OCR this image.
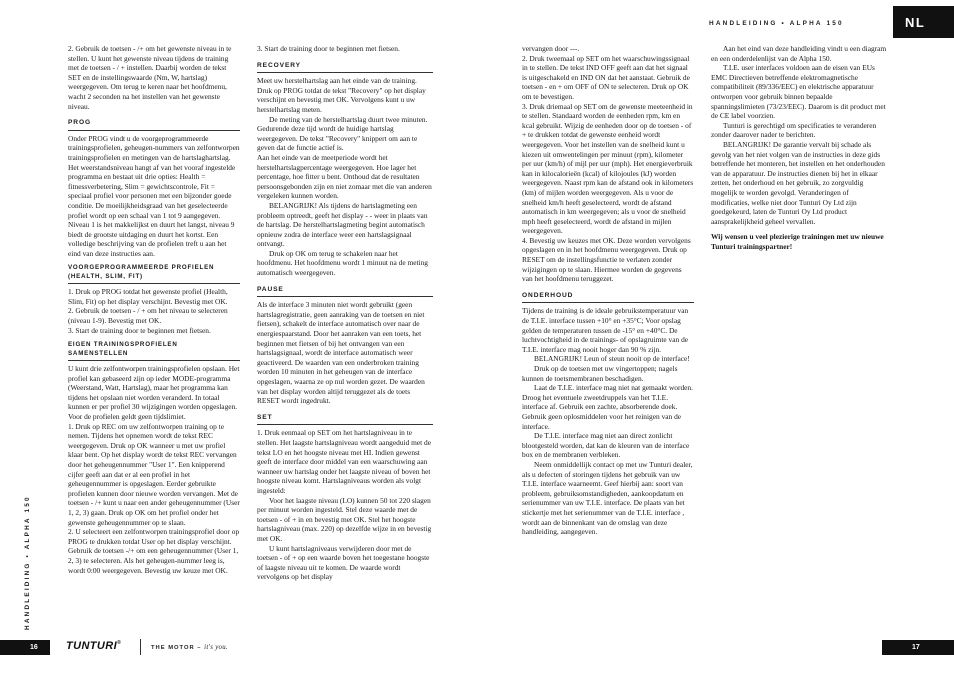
HANDLEIDING • ALPHA 150	NL
HANDLEIDING • ALPHA 150

2. Gebruik de toetsen - /+ om het gewenste niveau in te stellen. U kunt het gewenste niveau tijdens de training met de toetsen - / + instellen. Daarbij worden de tekst SET en de instellingswaarde (Nm, W, hartslag) weergegeven. Om terug te keren naar het hoofdmenu, wacht 2 seconden na het instellen van het gewenste niveau.

PROG

Onder PROG vindt u de voorgeprogrammeerde trainingsprofielen, geheugen-nummers van zelfontworpen trainingsprofielen en metingen van de hartslaghartslag. Het weerstandsniveau hangt af van het vooraf ingestelde programma en bestaat uit drie opties: Health = fitnessverbetering, Slim = gewichtscontrole, Fit = speciaal profiel voor personen met een bijzonder goede conditie. De moeilijkheidsgraad van het geselecteerde profiel wordt op een schaal van 1 tot 9 aangegeven. Niveau 1 is het makkelijkst en duurt het langst, niveau 9 biedt de grootste uitdaging en duurt het kortst. Een volledige beschrijving van de profielen treft u aan het eind van deze instructies aan.

VOORGEPROGRAMMEERDE PROFIELEN (HEALTH, SLIM, FIT)

1. Druk op PROG totdat het gewenste profiel (Health, Slim, Fit) op het display verschijnt. Bevestig met OK.

2. Gebruik de toetsen - / + om het niveau te selecteren (niveau 1-9). Bevestig met OK.

3. Start de training door te beginnen met fietsen.

EIGEN TRAININGSPROFIELEN SAMENSTELLEN

U kunt drie zelfontworpen trainingsprofielen opslaan. Het profiel kan gebaseerd zijn op ieder MODE-programma (Weerstand, Watt, Hartslag), maar het programma kan tijdens het opslaan niet worden veranderd. In totaal kunnen er per profiel 30 wijzigingen worden opgeslagen. Voor de profielen geldt geen tijdslimiet.

1. Druk op REC om uw zelfontworpen training op te nemen. Tijdens het opnemen wordt de tekst REC weergegeven. Druk op OK wanneer u met uw profiel klaar bent. Op het display wordt de tekst REC vervangen door het geheugennummer "User 1". Een knipperend cijfer geeft aan dat er al een profiel in het geheugennummer is opgeslagen. Eerder gebruikte profielen kunnen door nieuwe worden vervangen. Met de toetsen - /+ kunt u naar een ander geheugennummer (User 1, 2, 3) gaan. Druk op OK om het profiel onder het gewenste geheugennummer op te slaan.

2. U selecteert een zelfontworpen trainingsprofiel door op PROG te drukken totdat User op het display verschijnt. Gebruik de toetsen -/+ om een geheugennummer (User 1, 2, 3) te selecteren. Als het geheugen-nummer leeg is, wordt 0:00 weergegeven. Bevestig uw keuze met OK.

3. Start de training door te beginnen met fietsen.

RECOVERY

Meet uw herstelhartslag aan het einde van de training. Druk op PROG totdat de tekst "Recovery" op het display verschijnt en bevestig met OK. Vervolgens kunt u uw herstelhartslag meten.

De meting van de herstelhartslag duurt twee minuten. Gedurende deze tijd wordt de huidige hartslag weergegeven. De tekst "Recovery" knippert om aan te geven dat de functie actief is.

Aan het einde van de meetperiode wordt het herstelhartslagpercentage weergegeven. Hoe lager het percentage, hoe fitter u bent. Onthoud dat de resultaten persoonsgebonden zijn en niet zomaar met die van anderen vergeleken kunnen worden.

BELANGRIJK! Als tijdens de hartslagmeting een probleem optreedt, geeft het display - - weer in plaats van de hartslag. De herstelhartslagmeting begint automatisch opnieuw zodra de interface weer een hartslagsignaal ontvangt.

Druk op OK om terug te schakelen naar het hoofdmenu. Het hoofdmenu wordt 1 minuut na de meting automatisch weergegeven.

PAUSE

Als de interface 3 minuten niet wordt gebruikt (geen hartslagregistratie, geen aanraking van de toetsen en niet fietsen), schakelt de interface automatisch over naar de energiespaarstand. Door het aanraken van een toets, het beginnen met fietsen of bij het ontvangen van een hartslagsignaal, wordt de interface automatisch weer geactiveerd. De waarden van een onderbroken training worden 10 minuten in het geheugen van de interface opgeslagen, waarna ze op nul worden gezet. De waarden van het display worden altijd teruggezet als de toets RESET wordt ingedrukt.

SET

1. Druk eenmaal op SET om het hartslagniveau in te stellen. Het laagste hartslagniveau wordt aangeduid met de tekst LO en het hoogste niveau met HI. Indien gewenst geeft de interface door middel van een waarschuwing aan wanneer uw hartslag onder het laagste niveau of boven het hoogste niveau komt. Hartslagniveaus worden als volgt ingesteld:

Voor het laagste niveau (LO) kunnen 50 tot 220 slagen per minuut worden ingesteld. Stel deze waarde met de toetsen - of + in en bevestig met OK. Stel het hoogste hartslagniveau (max. 220) op dezelfde wijze in en bevestig met OK.

U kunt hartslagniveaus verwijderen door met de toetsen - of + op een waarde boven het toegestane hoogste of laagste niveau uit te komen. De waarde wordt vervolgens op het display

vervangen door ---.

2. Druk tweemaal op SET om het waarschuwingssignaal in te stellen. De tekst IND OFF geeft aan dat het signaal is uitgeschakeld en IND ON dat het aanstaat. Gebruik de toetsen - en + om OFF of ON te selecteren. Druk op OK om te bevestigen.

3. Druk driemaal op SET om de gewenste meeteenheid in te stellen. Standaard worden de eenheden rpm, km en kcal gebruikt. Wijzig de eenheden door op de toetsen - of + te drukken totdat de gewenste eenheid wordt weergegeven. Voor het instellen van de snelheid kunt u kiezen uit omwentelingen per minuut (rpm), kilometer per uur (km/h) of mijl per uur (mph). Het energieverbruik kan in kilocalorieën (kcal) of kilojoules (kJ) worden weergegeven. Naast rpm kan de afstand ook in kilometers (km) of mijlen worden weergegeven. Als u voor de snelheid km/h heeft geselecteerd, wordt de afstand automatisch in km weergegeven; als u voor de snelheid mph heeft geselecteerd, wordt de afstand in mijlen weergegeven.

4. Bevestig uw keuzes met OK. Deze worden vervolgens opgeslagen en in het hoofdmenu weergegeven. Druk op RESET om de instellingsfunctie te verlaten zonder wijzigingen op te slaan. Hiermee worden de gegevens van het hoofdmenu teruggezet.

ONDERHOUD

Tijdens de training is de ideale gebruikstemperatuur van de T.I.E. interface tussen +10° en +35°C; Voor opslag gelden de temperaturen tussen de -15° en +40°C. De luchtvochtigheid in de trainings- of opslagruimte van de T.I.E. interface mag nooit hoger dan 90 % zijn.

BELANGRIJK! Leun of steun nooit op de interface!

Druk op de toetsen met uw vingertoppen; nagels kunnen de toetsmembranen beschadigen.

Laat de T.I.E. interface mag niet nat gemaakt worden. Droog het eventuele zweetdruppels van het T.I.E. interface af. Gebruik een zachte, absorberende doek. Gebruik geen oplosmiddelen voor het reinigen van de interface.

De T.I.E. interface mag niet aan direct zonlicht blootgesteld worden, dat kan de kleuren van de interface box en de membranen verbleken.

Neem onmiddellijk contact op met uw Tunturi dealer, als u defecten of storingen tijdens het gebruik van uw T.I.E. interface waarneemt. Geef hierbij aan: soort van probleem, gebruiksomstandigheden, aankoopdatum en serienummer van uw T.I.E. interface. De plaats van het stickertje met het serienummer van de T.I.E. interface , wordt aan de binnenkant van de omslag van deze handleiding, aangegeven.

Aan het eind van deze handleiding vindt u een diagram en een onderdelenlijst van de Alpha 150.

T.I.E. user interfaces voldoen aan de eisen van EUs EMC Directieven betreffende elektromagnetische compatibiliteit (89/336/EEC) en elektrische apparatuur ontworpen voor gebruik binnen bepaalde spanningslimieten (73/23/EEC). Daarom is dit product met de CE label voorzien.

Tunturi is gerechtigd om specificaties te veranderen zonder daarover nader te berichten.

BELANGRIJK! De garantie vervalt bij schade als gevolg van het niet volgen van de instructies in deze gids betreffende het monteren, het instellen en het onderhouden van de apparatuur. De instructies dienen bij het in elkaar zetten, het onderhoud en het gebruik, zo zorgvuldig mogelijk te worden gevolgd. Veranderingen of modificaties, welke niet door Tunturi Oy Ltd zijn goedgekeurd, laten de Tunturi Oy Ltd product aansprakelijkheid geheel vervallen.

Wij wensen u veel plezierige trainingen met uw nieuwe Tunturi trainingspartner!

16	TUNTURI®
THE MOTOR – it's you.	17
